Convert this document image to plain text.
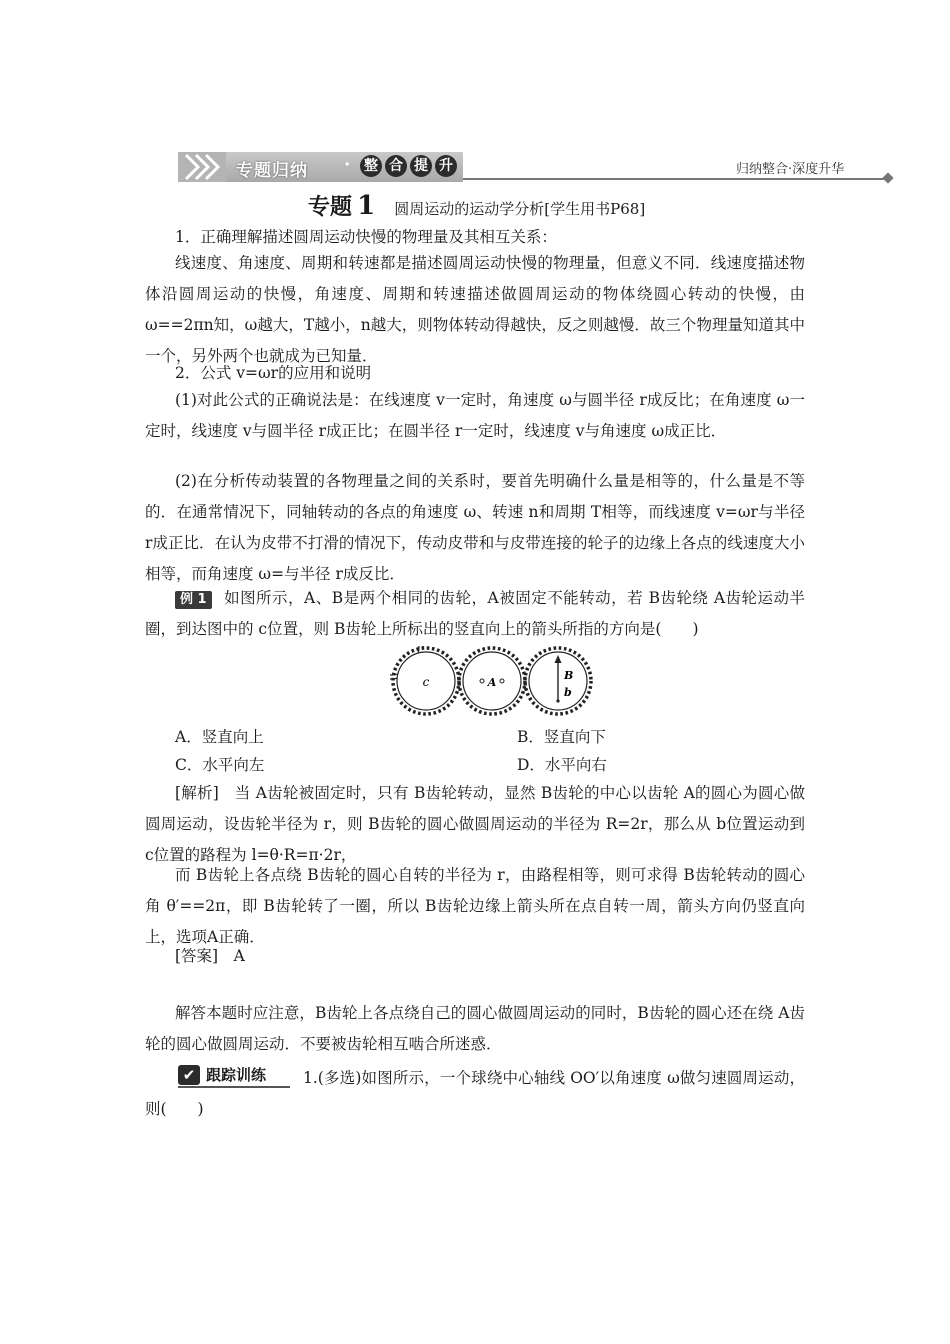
专题归纳 · 整 合 提 升	归纳整合·深度升华
专题 1 圆周运动的运动学分析[学生用书P68]

1．正确理解描述圆周运动快慢的物理量及其相互关系：

线速度、角速度、周期和转速都是描述圆周运动快慢的物理量，但意义不同．线速度描述物体沿圆周运动的快慢，角速度、周期和转速描述做圆周运动的物体绕圆心转动的快慢，由 ω==2πn知，ω越大，T越小，n越大，则物体转动得越快，反之则越慢．故三个物理量知道其中一个，另外两个也就成为已知量．

2．公式 v=ωr的应用和说明

(1)对此公式的正确说法是：在线速度 v一定时，角速度 ω与圆半径 r成反比；在角速度 ω一定时，线速度 v与圆半径 r成正比；在圆半径 r一定时，线速度 v与角速度 ω成正比．

(2)在分析传动装置的各物理量之间的关系时，要首先明确什么量是相等的，什么量是不等的．在通常情况下，同轴转动的各点的角速度 ω、转速 n和周期 T相等，而线速度 v=ωr与半径 r成正比．在认为皮带不打滑的情况下，传动皮带和与皮带连接的轮子的边缘上各点的线速度大小相等，而角速度 ω=与半径 r成反比．

例 1 如图所示，A、B是两个相同的齿轮，A被固定不能转动，若 B齿轮绕 A齿轮运动半圈，到达图中的 c位置，则 B齿轮上所标出的竖直向上的箭头所指的方向是(　　)

c	A
B
b
A．竖直向上	B．竖直向下
C．水平向左	D．水平向右

[解析]　当 A齿轮被固定时，只有 B齿轮转动，显然 B齿轮的中心以齿轮 A的圆心为圆心做圆周运动，设齿轮半径为 r，则 B齿轮的圆心做圆周运动的半径为 R=2r，那么从 b位置运动到 c位置的路程为 l=θ·R=π·2r，

而 B齿轮上各点绕 B齿轮的圆心自转的半径为 r，由路程相等，则可求得 B齿轮转动的圆心角 θ′==2π，即 B齿轮转了一圈，所以 B齿轮边缘上箭头所在点自转一周，箭头方向仍竖直向上，选项A正确．

[答案]　A

解答本题时应注意，B齿轮上各点绕自己的圆心做圆周运动的同时，B齿轮的圆心还在绕 A齿轮的圆心做圆周运动．不要被齿轮相互啮合所迷惑．

✔ 跟踪训练	1.(多选)如图所示，一个球绕中心轴线 OO′以角速度 ω做匀速圆周运动，则(　　)
